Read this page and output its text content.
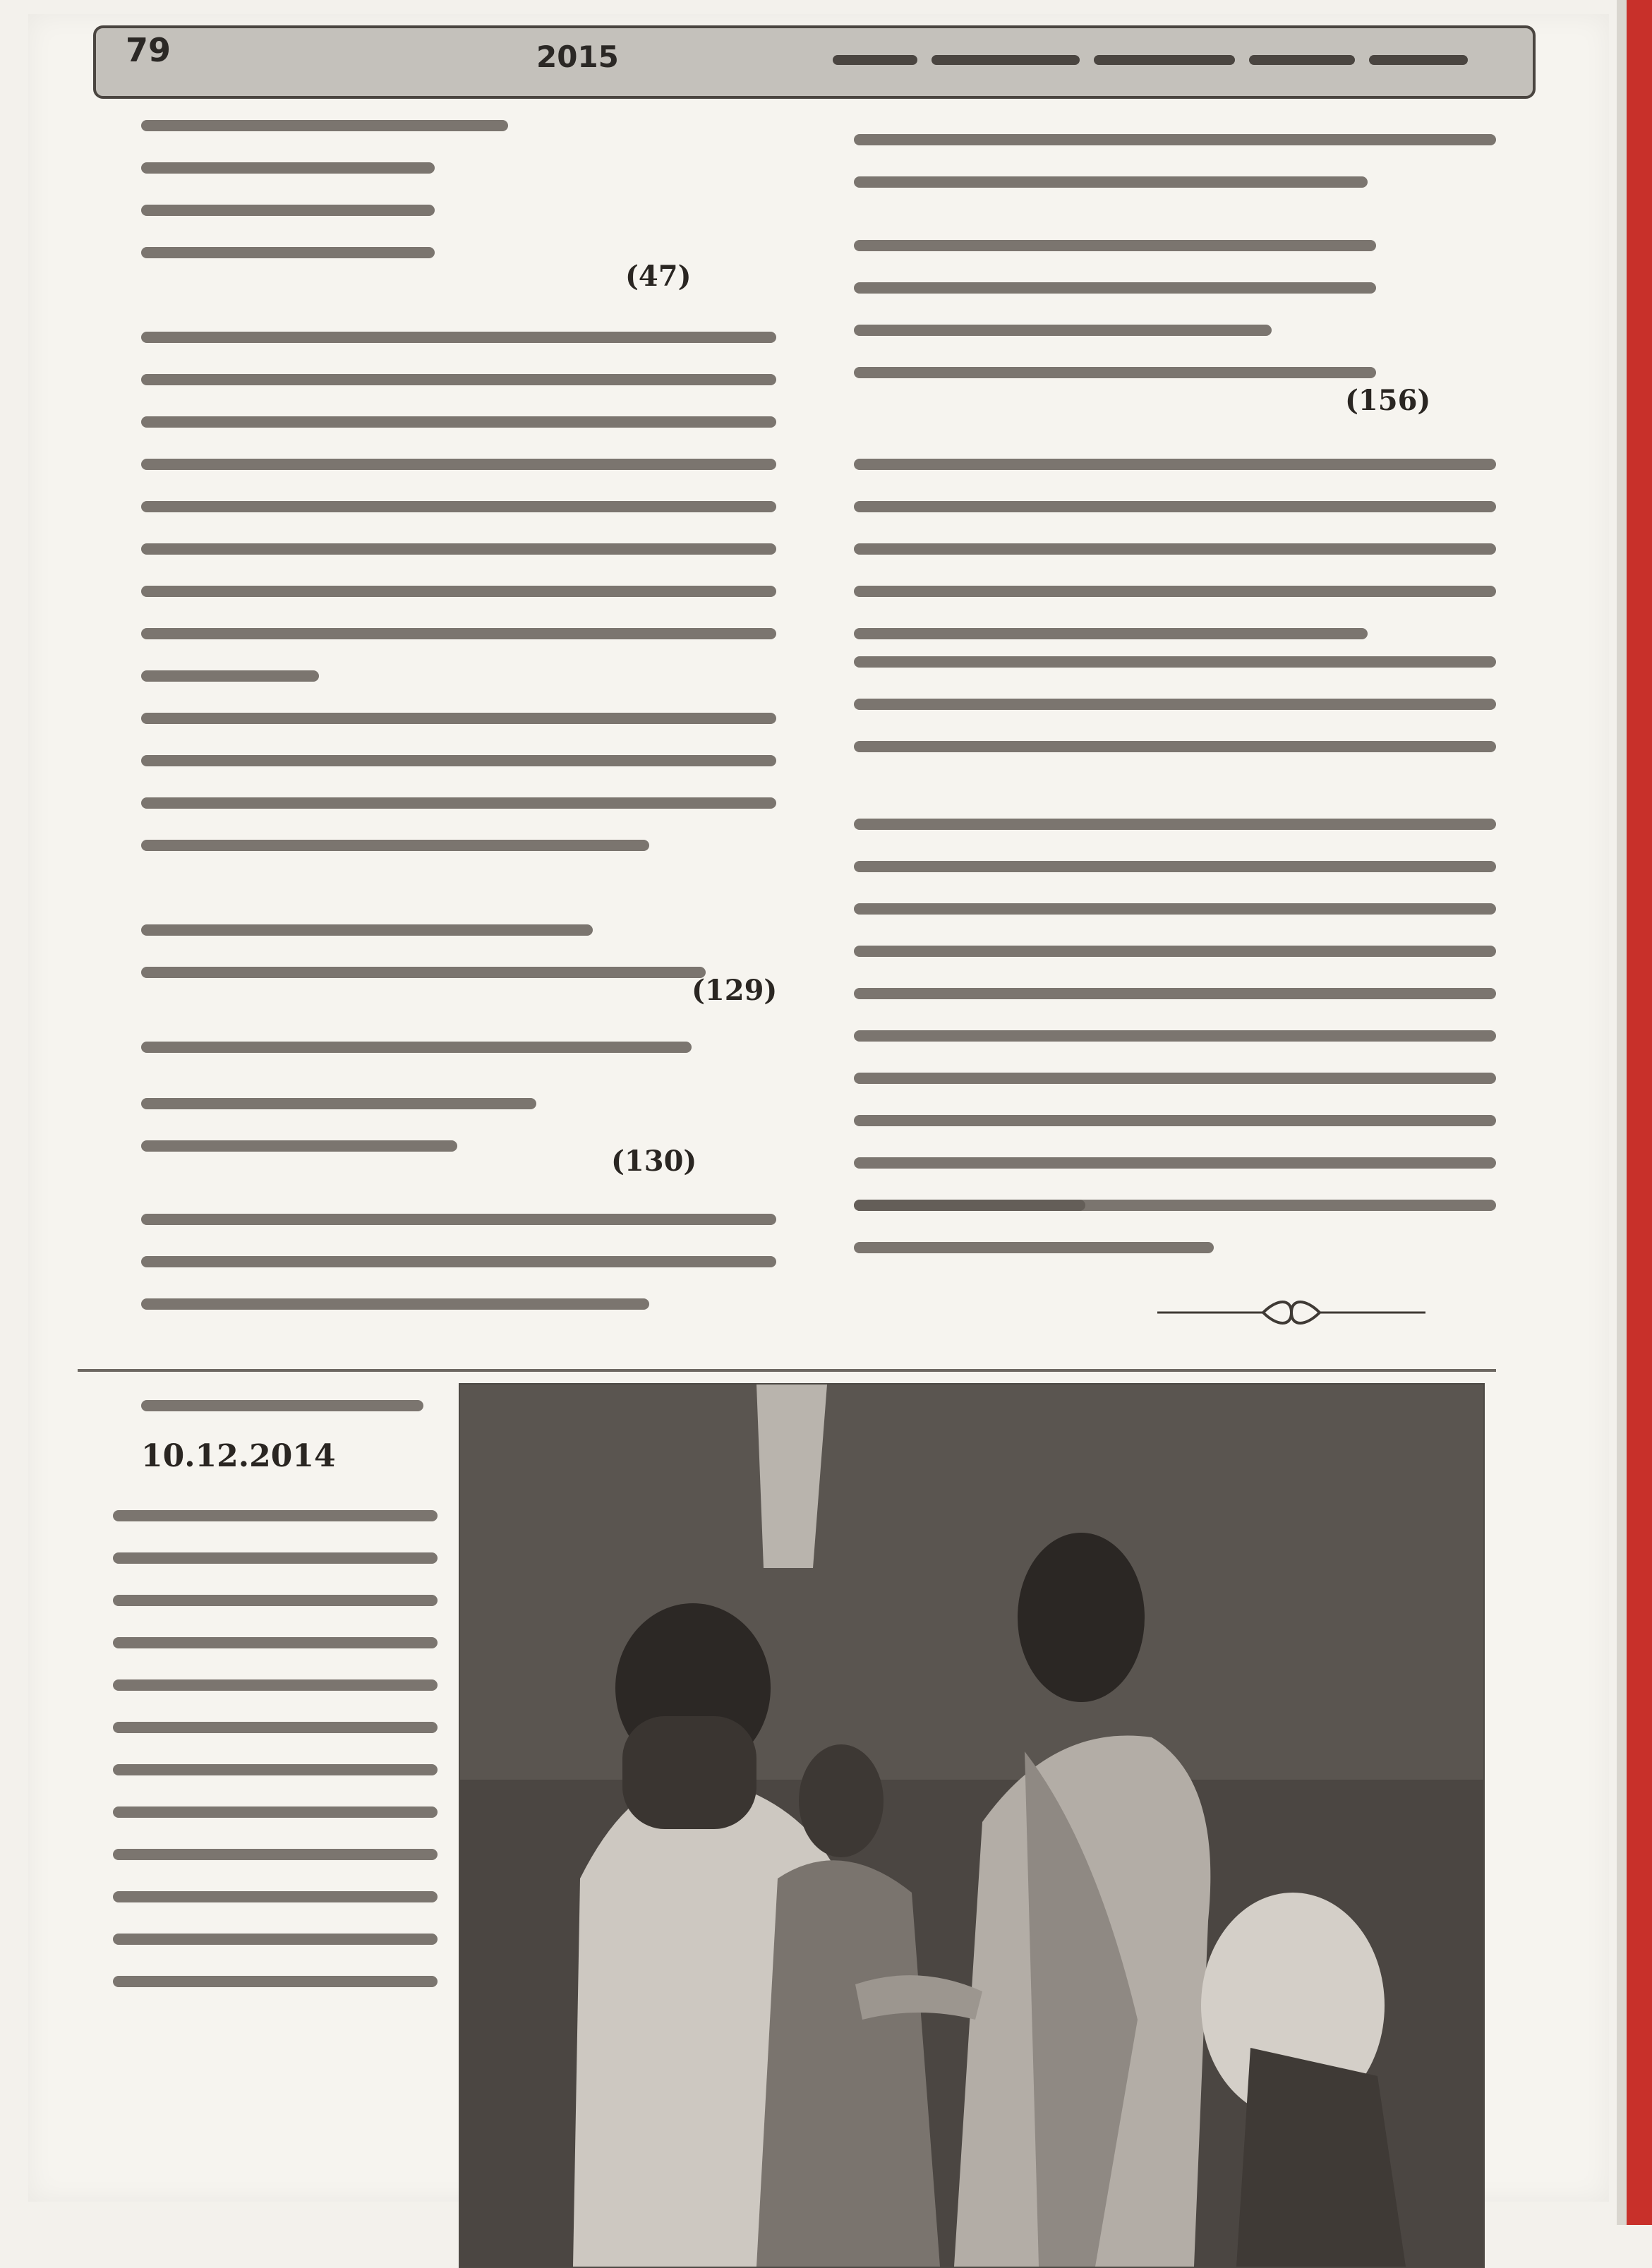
79	2015
(47)
(129)
(130)
(156)
10.12.2014
